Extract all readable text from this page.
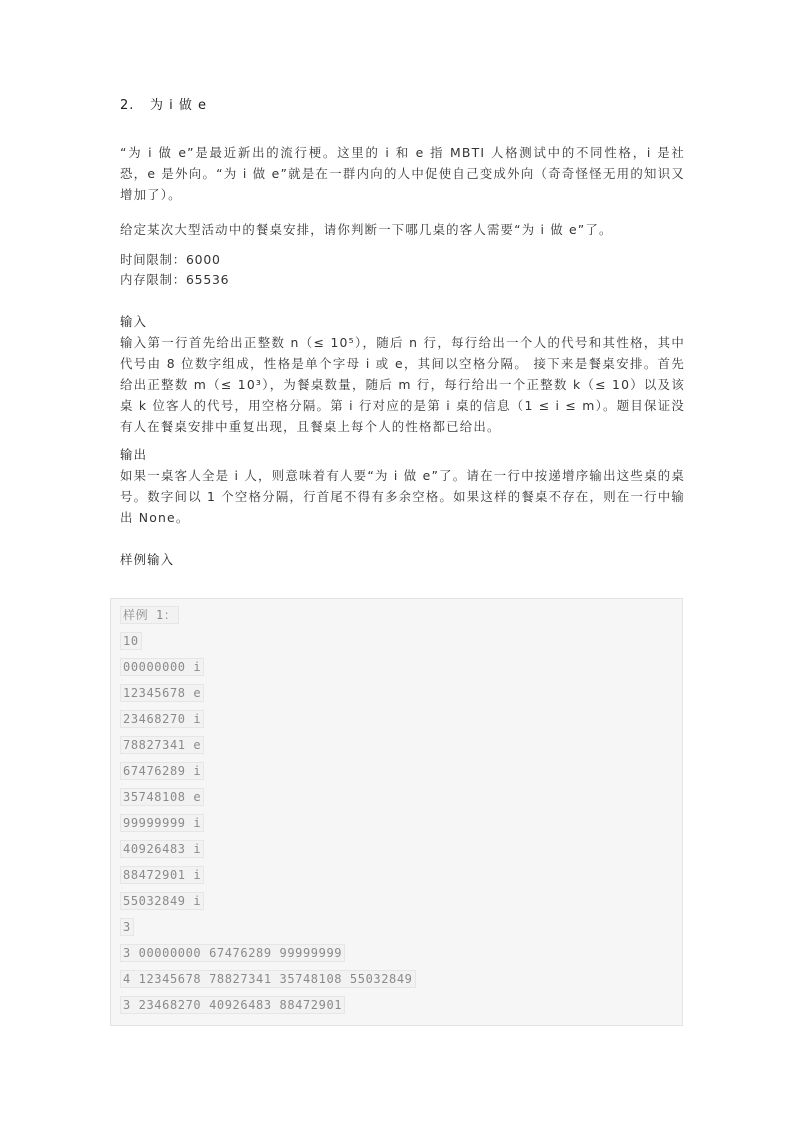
2. 为 i 做 e

“为 i 做 e”是最近新出的流行梗。这里的 i 和 e 指 MBTI 人格测试中的不同性格，i 是社恐，e 是外向。“为 i 做 e”就是在一群内向的人中促使自己变成外向（奇奇怪怪无用的知识又增加了）。

给定某次大型活动中的餐桌安排，请你判断一下哪几桌的客人需要“为 i 做 e”了。

时间限制：6000
内存限制：65536
输入

输入第一行首先给出正整数 n（≤ 10⁵），随后 n 行，每行给出一个人的代号和其性格，其中代号由 8 位数字组成，性格是单个字母 i 或 e，其间以空格分隔。 接下来是餐桌安排。首先给出正整数 m（≤ 10³），为餐桌数量，随后 m 行，每行给出一个正整数 k（≤ 10）以及该桌 k 位客人的代号，用空格分隔。第 i 行对应的是第 i 桌的信息（1 ≤ i ≤ m）。题目保证没有人在餐桌安排中重复出现，且餐桌上每个人的性格都已给出。

输出

如果一桌客人全是 i 人，则意味着有人要“为 i 做 e”了。请在一行中按递增序输出这些桌的桌号。数字间以 1 个空格分隔，行首尾不得有多余空格。如果这样的餐桌不存在，则在一行中输出 None。

样例输入
样例 1：
10
00000000 i
12345678 e
23468270 i
78827341 e
67476289 i
35748108 e
99999999 i
40926483 i
88472901 i
55032849 i
3
3 00000000 67476289 99999999
4 12345678 78827341 35748108 55032849
3 23468270 40926483 88472901
